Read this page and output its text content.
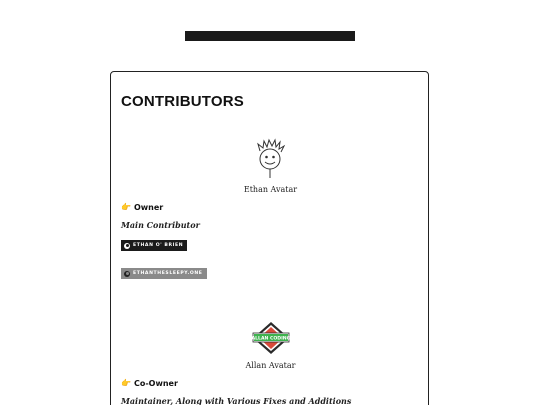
CONTRIBUTORS
Ethan Avatar
👉 Owner
Main Contributor
ETHAN O' BRIEN
ETHANTHESLEEPY.ONE
ALLAN CODING
Allan Avatar
👉 Co-Owner
Maintainer, Along with Various Fixes and Additions
